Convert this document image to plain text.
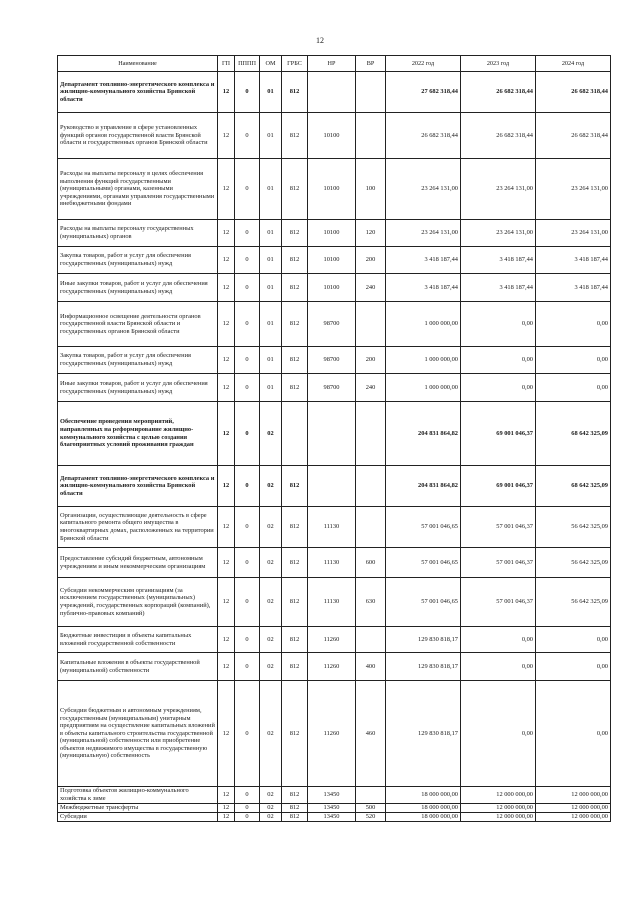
12
Наименование	ГП	ПППП	ОМ	ГРБС	НР	ВР	2022 год	2023 год	2024 год
Департамент топливно-энергетического комплекса и жилищно-коммунального хозяйства Брянской области	12	0	01	812			27 682 318,44	26 682 318,44	26 682 318,44
Руководство и управление в сфере установленных функций органов государственной власти Брянской области и государственных органов Брянской области	12	0	01	812	10100		26 682 318,44	26 682 318,44	26 682 318,44
Расходы на выплаты персоналу в целях обеспечения выполнения функций государственными (муниципальными) органами, казенными учреждениями, органами управления государственными внебюджетными фондами	12	0	01	812	10100	100	23 264 131,00	23 264 131,00	23 264 131,00
Расходы на выплаты персоналу государственных (муниципальных) органов	12	0	01	812	10100	120	23 264 131,00	23 264 131,00	23 264 131,00
Закупка товаров, работ и услуг для обеспечения государственных (муниципальных) нужд	12	0	01	812	10100	200	3 418 187,44	3 418 187,44	3 418 187,44
Иные закупки товаров, работ и услуг для обеспечения государственных (муниципальных) нужд	12	0	01	812	10100	240	3 418 187,44	3 418 187,44	3 418 187,44
Информационное освещение деятельности органов государственной власти Брянской области и государственных органов Брянской области	12	0	01	812	98700		1 000 000,00	0,00	0,00
Закупка товаров, работ и услуг для обеспечения государственных (муниципальных) нужд	12	0	01	812	98700	200	1 000 000,00	0,00	0,00
Иные закупки товаров, работ и услуг для обеспечения государственных (муниципальных) нужд	12	0	01	812	98700	240	1 000 000,00	0,00	0,00
Обеспечение проведения мероприятий, направленных на реформирование жилищно-коммунального хозяйства с целью создания благоприятных условий проживания граждан	12	0	02				204 831 864,82	69 001 046,37	68 642 325,09
Департамент топливно-энергетического комплекса и жилищно-коммунального хозяйства Брянской области	12	0	02	812			204 831 864,82	69 001 046,37	68 642 325,09
Организации, осуществляющие деятельность в сфере капитального ремонта общего имущества в многоквартирных домах, расположенных на территории Брянской области	12	0	02	812	11130		57 001 046,65	57 001 046,37	56 642 325,09
Предоставление субсидий бюджетным, автономным учреждениям и иным некоммерческим организациям	12	0	02	812	11130	600	57 001 046,65	57 001 046,37	56 642 325,09
Субсидии некоммерческим организациям (за исключением государственных (муниципальных) учреждений, государственных корпораций (компаний), публично-правовых компаний)	12	0	02	812	11130	630	57 001 046,65	57 001 046,37	56 642 325,09
Бюджетные инвестиции в объекты капитальных вложений государственной собственности	12	0	02	812	11260		129 830 818,17	0,00	0,00
Капитальные вложения в объекты государственной (муниципальной) собственности	12	0	02	812	11260	400	129 830 818,17	0,00	0,00
Субсидии бюджетным и автономным учреждениям, государственным (муниципальным) унитарным предприятиям на осуществление капитальных вложений в объекты капитального строительства государственной (муниципальной) собственности или приобретение объектов недвижимого имущества в государственную (муниципальную) собственность	12	0	02	812	11260	460	129 830 818,17	0,00	0,00
Подготовка объектов жилищно-коммунального хозяйства к зиме	12	0	02	812	13450		18 000 000,00	12 000 000,00	12 000 000,00
Межбюджетные трансферты	12	0	02	812	13450	500	18 000 000,00	12 000 000,00	12 000 000,00
Субсидии	12	0	02	812	13450	520	18 000 000,00	12 000 000,00	12 000 000,00
